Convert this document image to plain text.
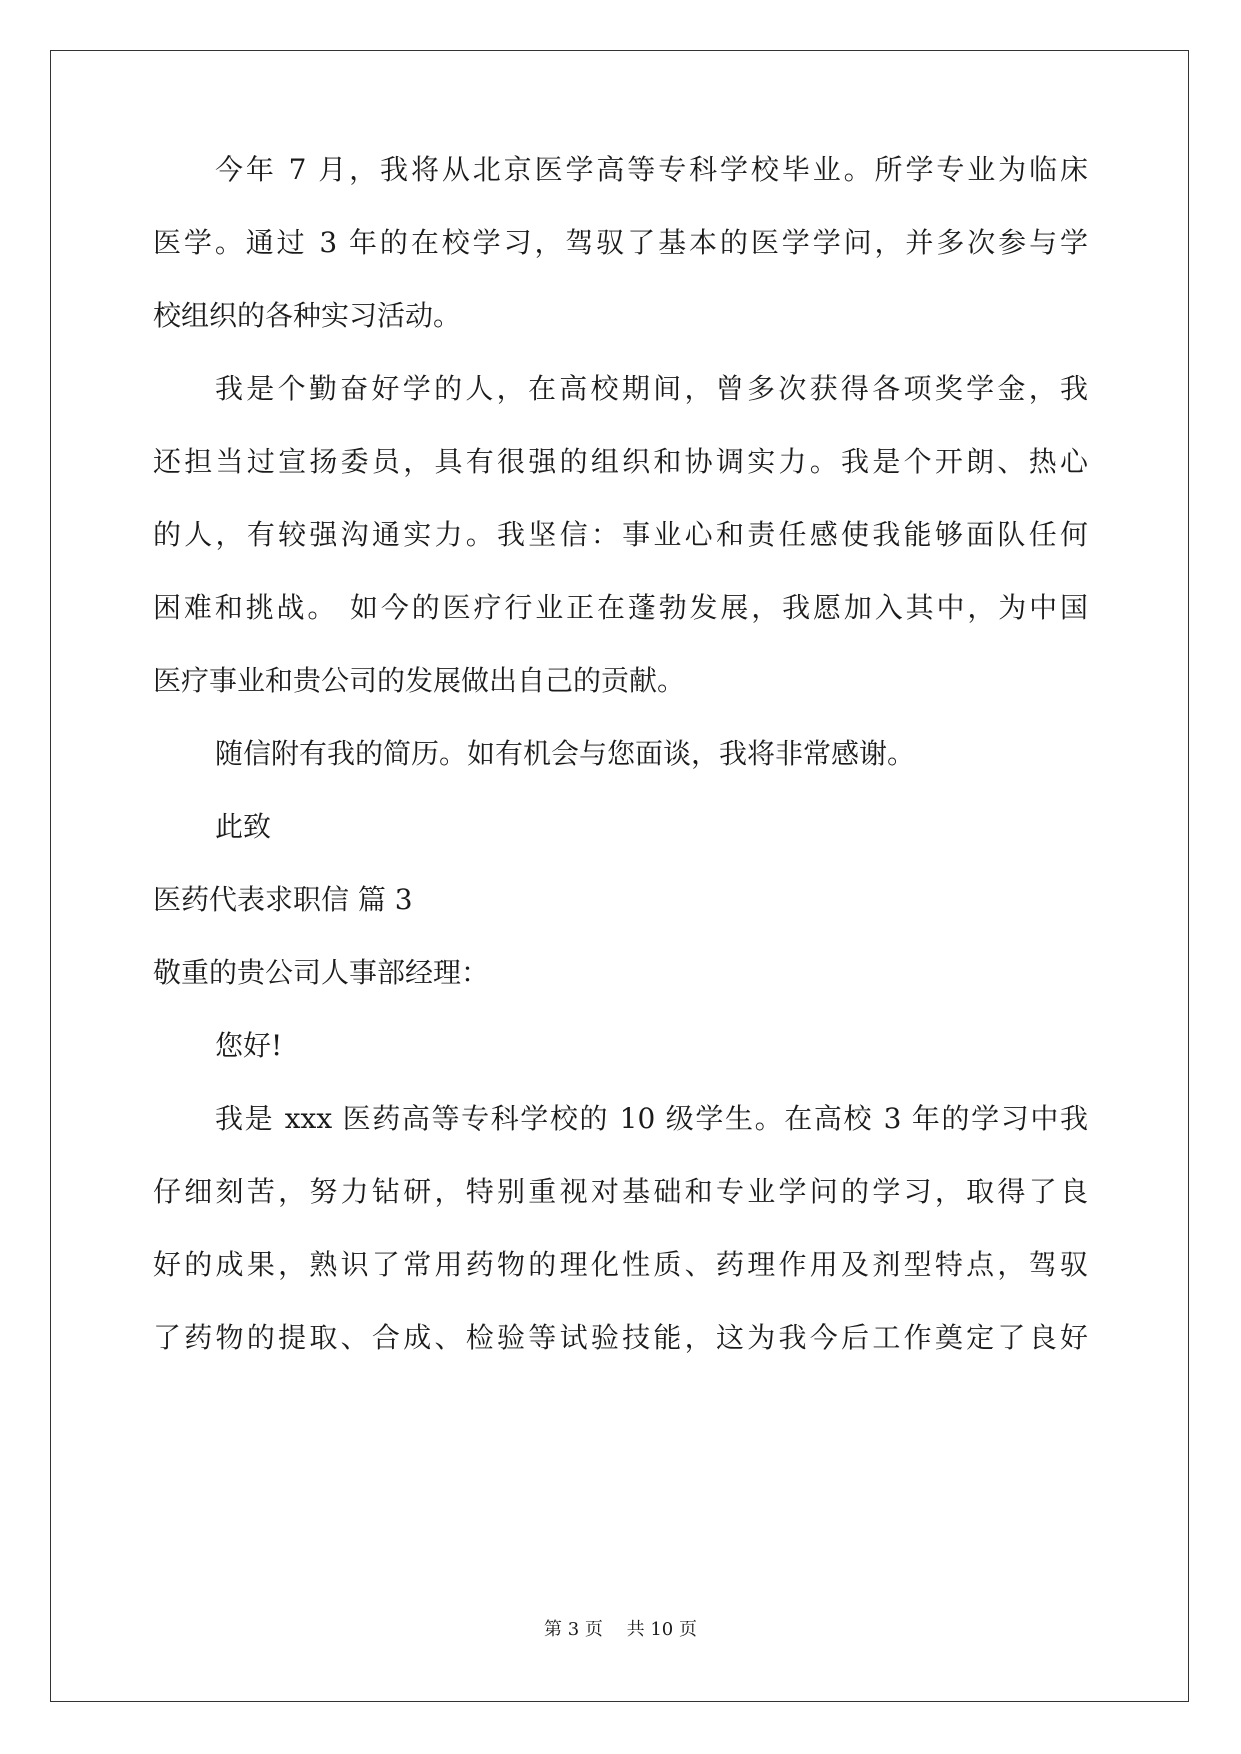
今年 7 月，我将从北京医学高等专科学校毕业。所学专业为临床
医学。通过 3 年的在校学习，驾驭了基本的医学学问，并多次参与学
校组织的各种实习活动。
我是个勤奋好学的人，在高校期间，曾多次获得各项奖学金，我
还担当过宣扬委员，具有很强的组织和协调实力。我是个开朗、热心
的人，有较强沟通实力。我坚信：事业心和责任感使我能够面队任何
困难和挑战。 如今的医疗行业正在蓬勃发展，我愿加入其中，为中国
医疗事业和贵公司的发展做出自己的贡献。
随信附有我的简历。如有机会与您面谈，我将非常感谢。
此致
医药代表求职信 篇 3
敬重的贵公司人事部经理：
您好!
我是 xxx 医药高等专科学校的 10 级学生。在高校 3 年的学习中我
仔细刻苦，努力钻研，特别重视对基础和专业学问的学习，取得了良
好的成果，熟识了常用药物的理化性质、药理作用及剂型特点，驾驭
了药物的提取、合成、检验等试验技能，这为我今后工作奠定了良好
第 3 页　 共 10 页
